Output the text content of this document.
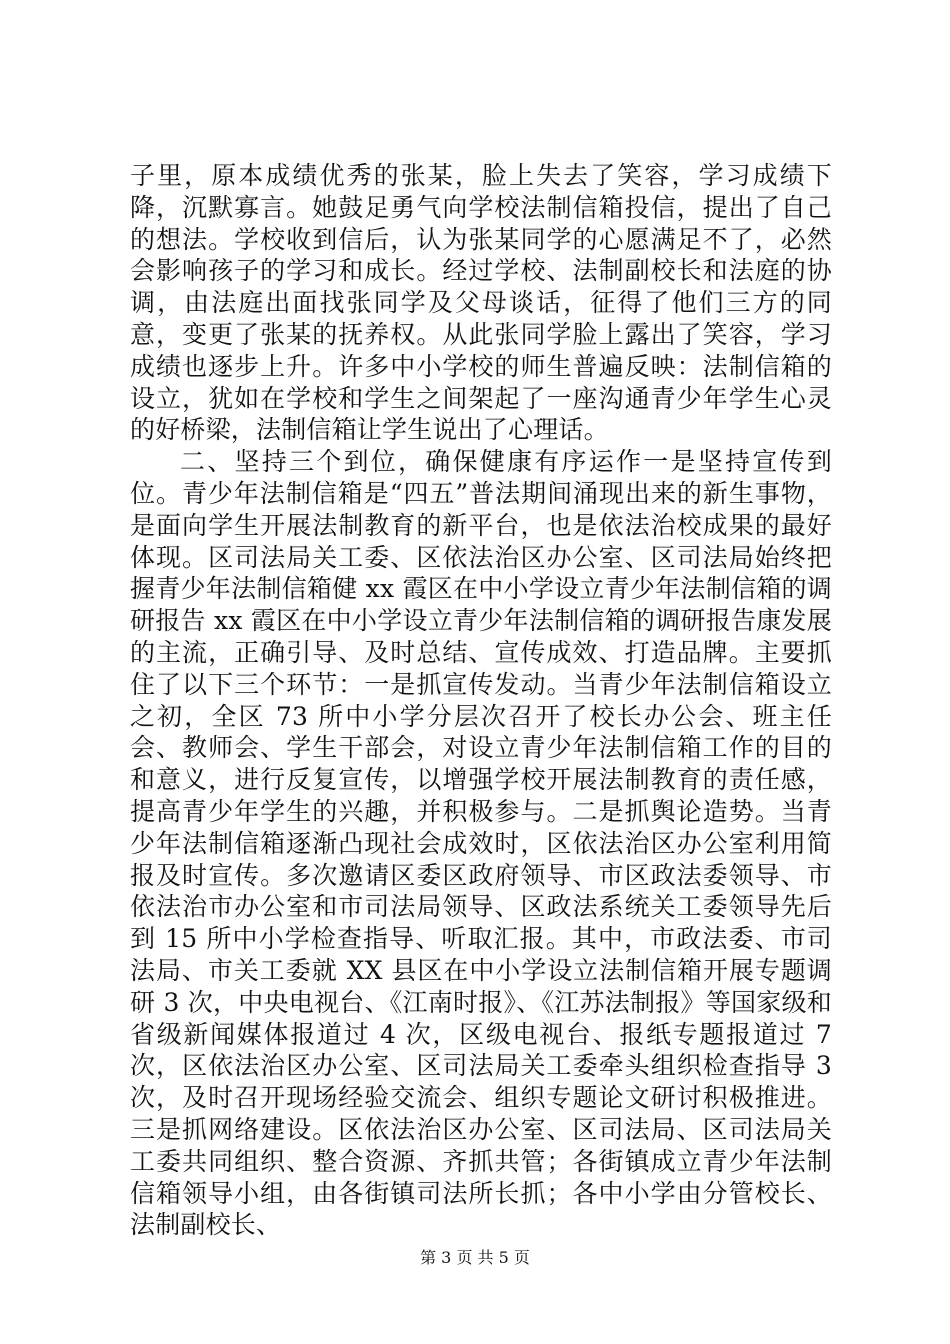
子里，原本成绩优秀的张某，脸上失去了笑容，学习成绩下降，沉默寡言。她鼓足勇气向学校法制信箱投信，提出了自己的想法。学校收到信后，认为张某同学的心愿满足不了，必然会影响孩子的学习和成长。经过学校、法制副校长和法庭的协调，由法庭出面找张同学及父母谈话，征得了他们三方的同意，变更了张某的抚养权。从此张同学脸上露出了笑容，学习成绩也逐步上升。许多中小学校的师生普遍反映：法制信箱的设立，犹如在学校和学生之间架起了一座沟通青少年学生心灵的好桥梁，法制信箱让学生说出了心理话。

二、坚持三个到位，确保健康有序运作一是坚持宣传到位。青少年法制信箱是“四五”普法期间涌现出来的新生事物，是面向学生开展法制教育的新平台，也是依法治校成果的最好体现。区司法局关工委、区依法治区办公室、区司法局始终把握青少年法制信箱健 xx 霞区在中小学设立青少年法制信箱的调研报告 xx 霞区在中小学设立青少年法制信箱的调研报告康发展的主流，正确引导、及时总结、宣传成效、打造品牌。主要抓住了以下三个环节：一是抓宣传发动。当青少年法制信箱设立之初，全区 73 所中小学分层次召开了校长办公会、班主任会、教师会、学生干部会，对设立青少年法制信箱工作的目的和意义，进行反复宣传，以增强学校开展法制教育的责任感，提高青少年学生的兴趣，并积极参与。二是抓舆论造势。当青少年法制信箱逐渐凸现社会成效时，区依法治区办公室利用简报及时宣传。多次邀请区委区政府领导、市区政法委领导、市依法治市办公室和市司法局领导、区政法系统关工委领导先后到 15 所中小学检查指导、听取汇报。其中，市政法委、市司法局、市关工委就 XX 县区在中小学设立法制信箱开展专题调研 3 次，中央电视台、《江南时报》、《江苏法制报》等国家级和省级新闻媒体报道过 4 次，区级电视台、报纸专题报道过 7 次，区依法治区办公室、区司法局关工委牵头组织检查指导 3 次，及时召开现场经验交流会、组织专题论文研讨积极推进。三是抓网络建设。区依法治区办公室、区司法局、区司法局关工委共同组织、整合资源、齐抓共管；各街镇成立青少年法制信箱领导小组，由各街镇司法所长抓；各中小学由分管校长、法制副校长、

第 3 页 共 5 页
